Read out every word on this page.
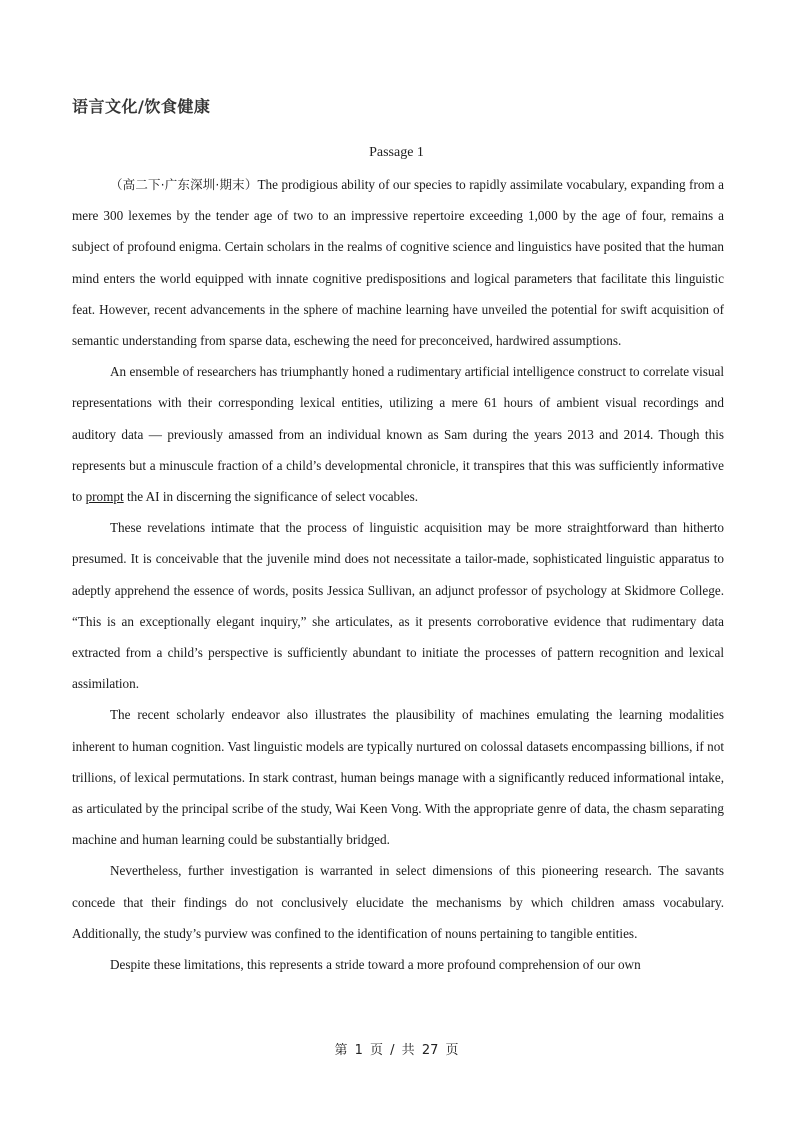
语言文化/饮食健康
Passage 1

（高二下·广东深圳·期末）The prodigious ability of our species to rapidly assimilate vocabulary, expanding from a mere 300 lexemes by the tender age of two to an impressive repertoire exceeding 1,000 by the age of four, remains a subject of profound enigma. Certain scholars in the realms of cognitive science and linguistics have posited that the human mind enters the world equipped with innate cognitive predispositions and logical parameters that facilitate this linguistic feat. However, recent advancements in the sphere of machine learning have unveiled the potential for swift acquisition of semantic understanding from sparse data, eschewing the need for preconceived, hardwired assumptions.

An ensemble of researchers has triumphantly honed a rudimentary artificial intelligence construct to correlate visual representations with their corresponding lexical entities, utilizing a mere 61 hours of ambient visual recordings and auditory data — previously amassed from an individual known as Sam during the years 2013 and 2014. Though this represents but a minuscule fraction of a child’s developmental chronicle, it transpires that this was sufficiently informative to prompt the AI in discerning the significance of select vocables.

These revelations intimate that the process of linguistic acquisition may be more straightforward than hitherto presumed. It is conceivable that the juvenile mind does not necessitate a tailor-made, sophisticated linguistic apparatus to adeptly apprehend the essence of words, posits Jessica Sullivan, an adjunct professor of psychology at Skidmore College. “This is an exceptionally elegant inquiry,” she articulates, as it presents corroborative evidence that rudimentary data extracted from a child’s perspective is sufficiently abundant to initiate the processes of pattern recognition and lexical assimilation.

The recent scholarly endeavor also illustrates the plausibility of machines emulating the learning modalities inherent to human cognition. Vast linguistic models are typically nurtured on colossal datasets encompassing billions, if not trillions, of lexical permutations. In stark contrast, human beings manage with a significantly reduced informational intake, as articulated by the principal scribe of the study, Wai Keen Vong. With the appropriate genre of data, the chasm separating machine and human learning could be substantially bridged.

Nevertheless, further investigation is warranted in select dimensions of this pioneering research. The savants concede that their findings do not conclusively elucidate the mechanisms by which children amass vocabulary. Additionally, the study’s purview was confined to the identification of nouns pertaining to tangible entities.

Despite these limitations, this represents a stride toward a more profound comprehension of our own

第 1 页 / 共 27 页
